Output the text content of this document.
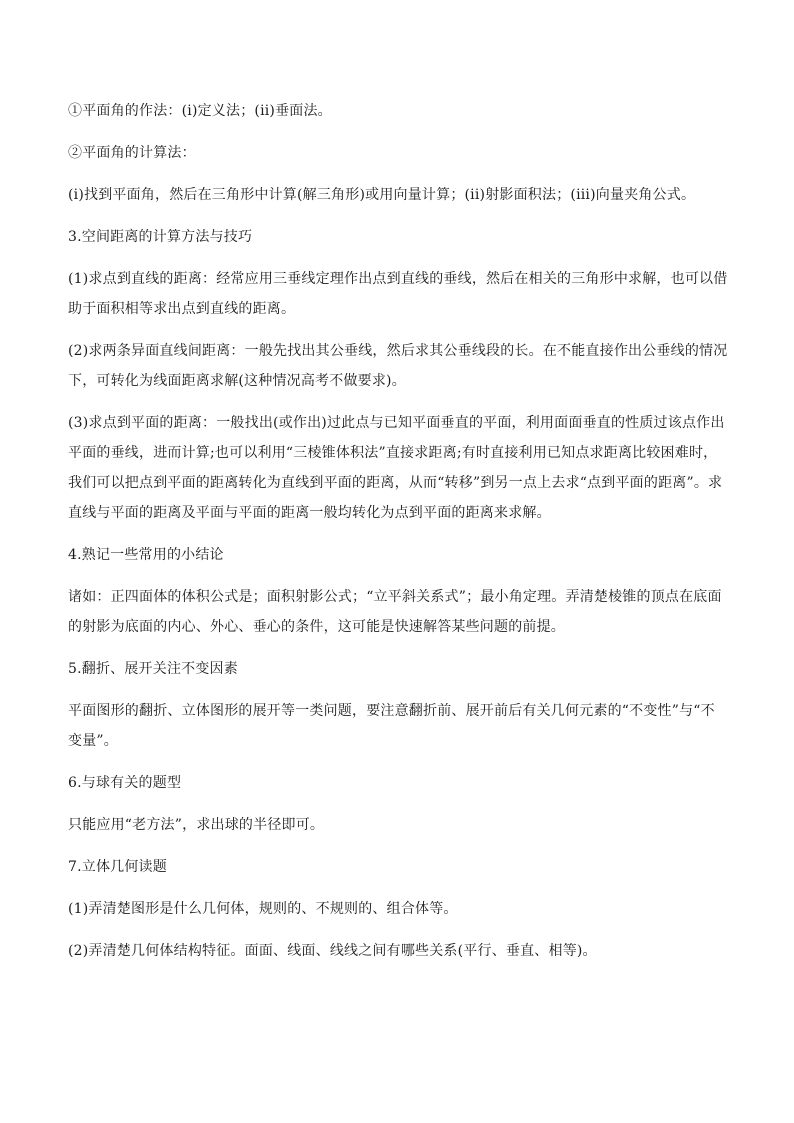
①平面角的作法：(i)定义法；(ii)垂面法。

②平面角的计算法：

(i)找到平面角，然后在三角形中计算(解三角形)或用向量计算；(ii)射影面积法；(iii)向量夹角公式。

3.空间距离的计算方法与技巧

(1)求点到直线的距离：经常应用三垂线定理作出点到直线的垂线，然后在相关的三角形中求解，也可以借助于面积相等求出点到直线的距离。

(2)求两条异面直线间距离：一般先找出其公垂线，然后求其公垂线段的长。在不能直接作出公垂线的情况下，可转化为线面距离求解(这种情况高考不做要求)。

(3)求点到平面的距离：一般找出(或作出)过此点与已知平面垂直的平面，利用面面垂直的性质过该点作出平面的垂线，进而计算;也可以利用“三棱锥体积法”直接求距离;有时直接利用已知点求距离比较困难时，我们可以把点到平面的距离转化为直线到平面的距离，从而“转移”到另一点上去求“点到平面的距离”。求直线与平面的距离及平面与平面的距离一般均转化为点到平面的距离来求解。

4.熟记一些常用的小结论

诸如：正四面体的体积公式是；面积射影公式；“立平斜关系式”；最小角定理。弄清楚棱锥的顶点在底面的射影为底面的内心、外心、垂心的条件，这可能是快速解答某些问题的前提。

5.翻折、展开关注不变因素

平面图形的翻折、立体图形的展开等一类问题，要注意翻折前、展开前后有关几何元素的“不变性”与“不变量”。

6.与球有关的题型

只能应用“老方法”，求出球的半径即可。

7.立体几何读题

(1)弄清楚图形是什么几何体，规则的、不规则的、组合体等。

(2)弄清楚几何体结构特征。面面、线面、线线之间有哪些关系(平行、垂直、相等)。
